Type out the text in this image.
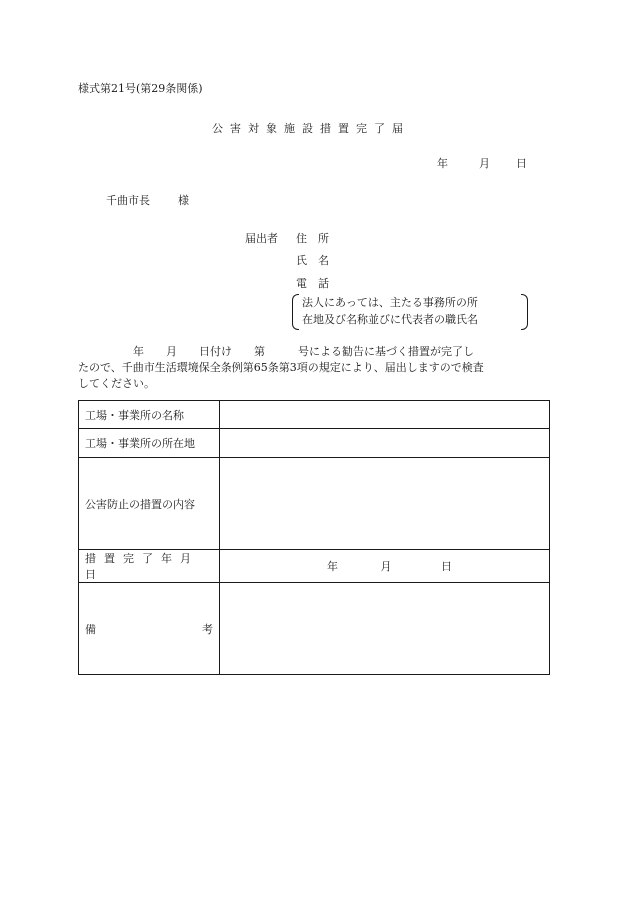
様式第21号(第29条関係)
公害対象施設措置完了届
年	月 日
千曲市長	様
届出者 住　所
氏　名
電　話
法人にあっては、主たる事務所の所
在地及び名称並びに代表者の職氏名

　　　　　年　　月　　日付け　　第　　　号による勧告に基づく措置が完了し

たので、千曲市生活環境保全条例第65条第3項の規定により、届出しますので検査

してください。

工場・事業所の名称	
工場・事業所の所在地	
公害防止の措置の内容	
措置完了年月日	年 月 日

備 考	
